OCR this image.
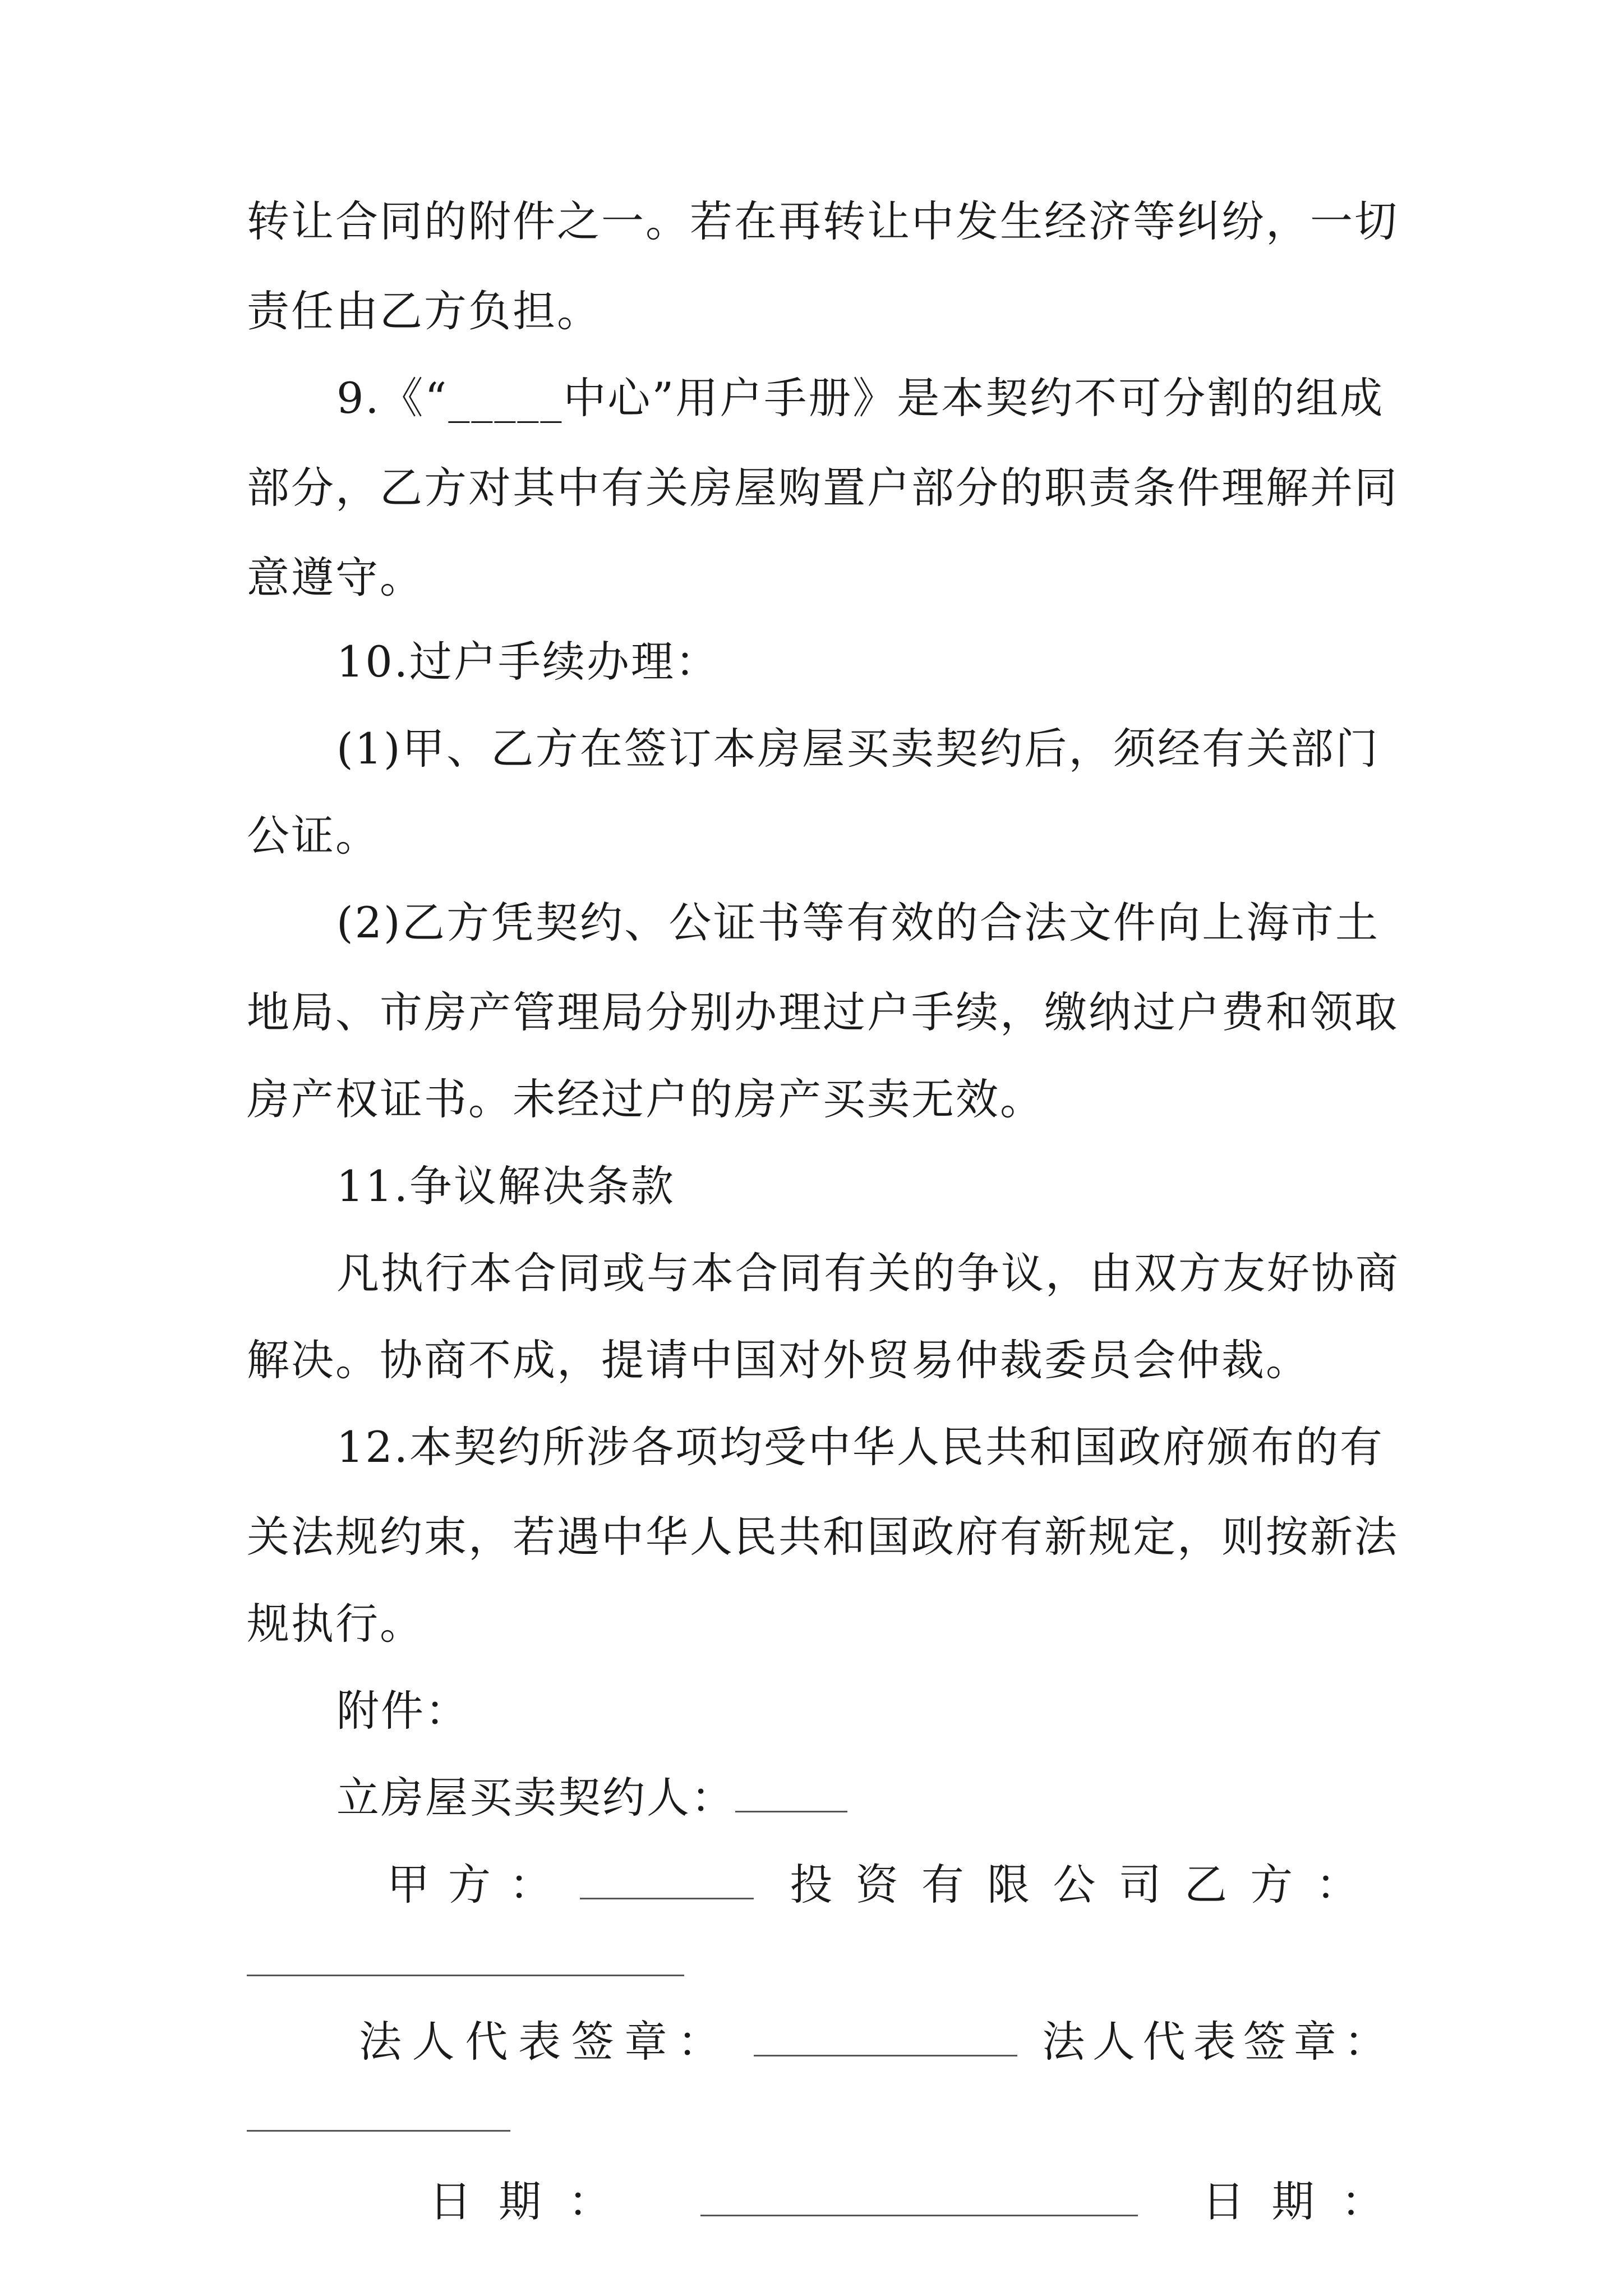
转让合同的附件之一。若在再转让中发生经济等纠纷，一切
责任由乙方负担。
9.《“_____中心”用户手册》是本契约不可分割的组成
部分，乙方对其中有关房屋购置户部分的职责条件理解并同
意遵守。
10.过户手续办理：
(1)甲、乙方在签订本房屋买卖契约后，须经有关部门
公证。
(2)乙方凭契约、公证书等有效的合法文件向上海市土
地局、市房产管理局分别办理过户手续，缴纳过户费和领取
房产权证书。未经过户的房产买卖无效。
11.争议解决条款
凡执行本合同或与本合同有关的争议，由双方友好协商
解决。协商不成，提请中国对外贸易仲裁委员会仲裁。
12.本契约所涉各项均受中华人民共和国政府颁布的有
关法规约束，若遇中华人民共和国政府有新规定，则按新法
规执行。
附件：
立房屋买卖契约人：
甲方：	投资有限公司乙方：
法人代表签章：	法人代表签章：
日期：	日期：
